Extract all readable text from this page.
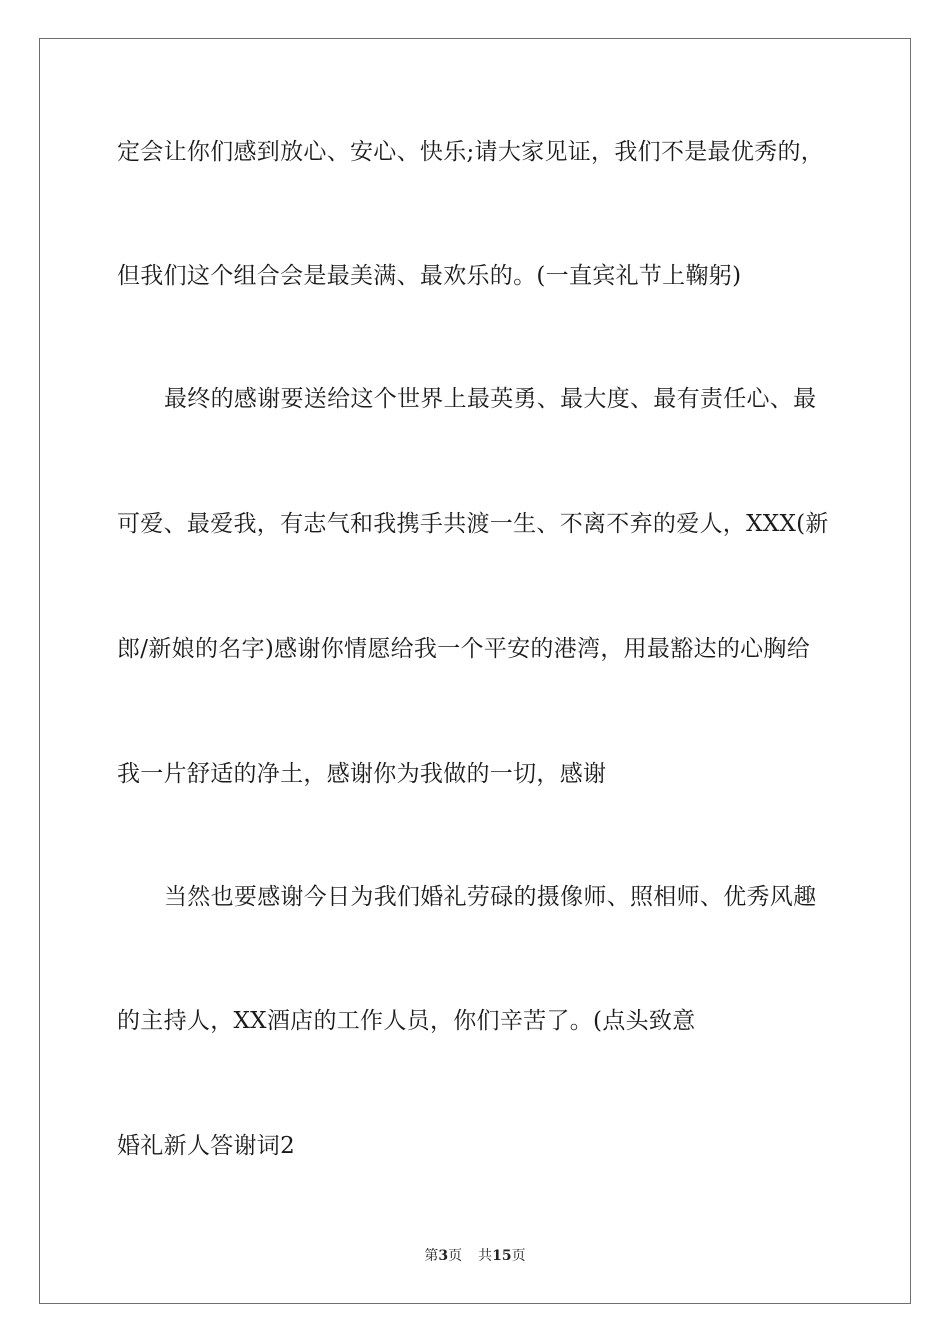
定会让你们感到放心、安心、快乐;请大家见证，我们不是最优秀的，
但我们这个组合会是最美满、最欢乐的。(一直宾礼节上鞠躬)
最终的感谢要送给这个世界上最英勇、最大度、最有责任心、最
可爱、最爱我，有志气和我携手共渡一生、不离不弃的爱人，XXX(新
郎/新娘的名字)感谢你情愿给我一个平安的港湾，用最豁达的心胸给
我一片舒适的净土，感谢你为我做的一切，感谢
当然也要感谢今日为我们婚礼劳碌的摄像师、照相师、优秀风趣
的主持人，XX酒店的工作人员，你们辛苦了。(点头致意
婚礼新人答谢词2
第3页 共15页
